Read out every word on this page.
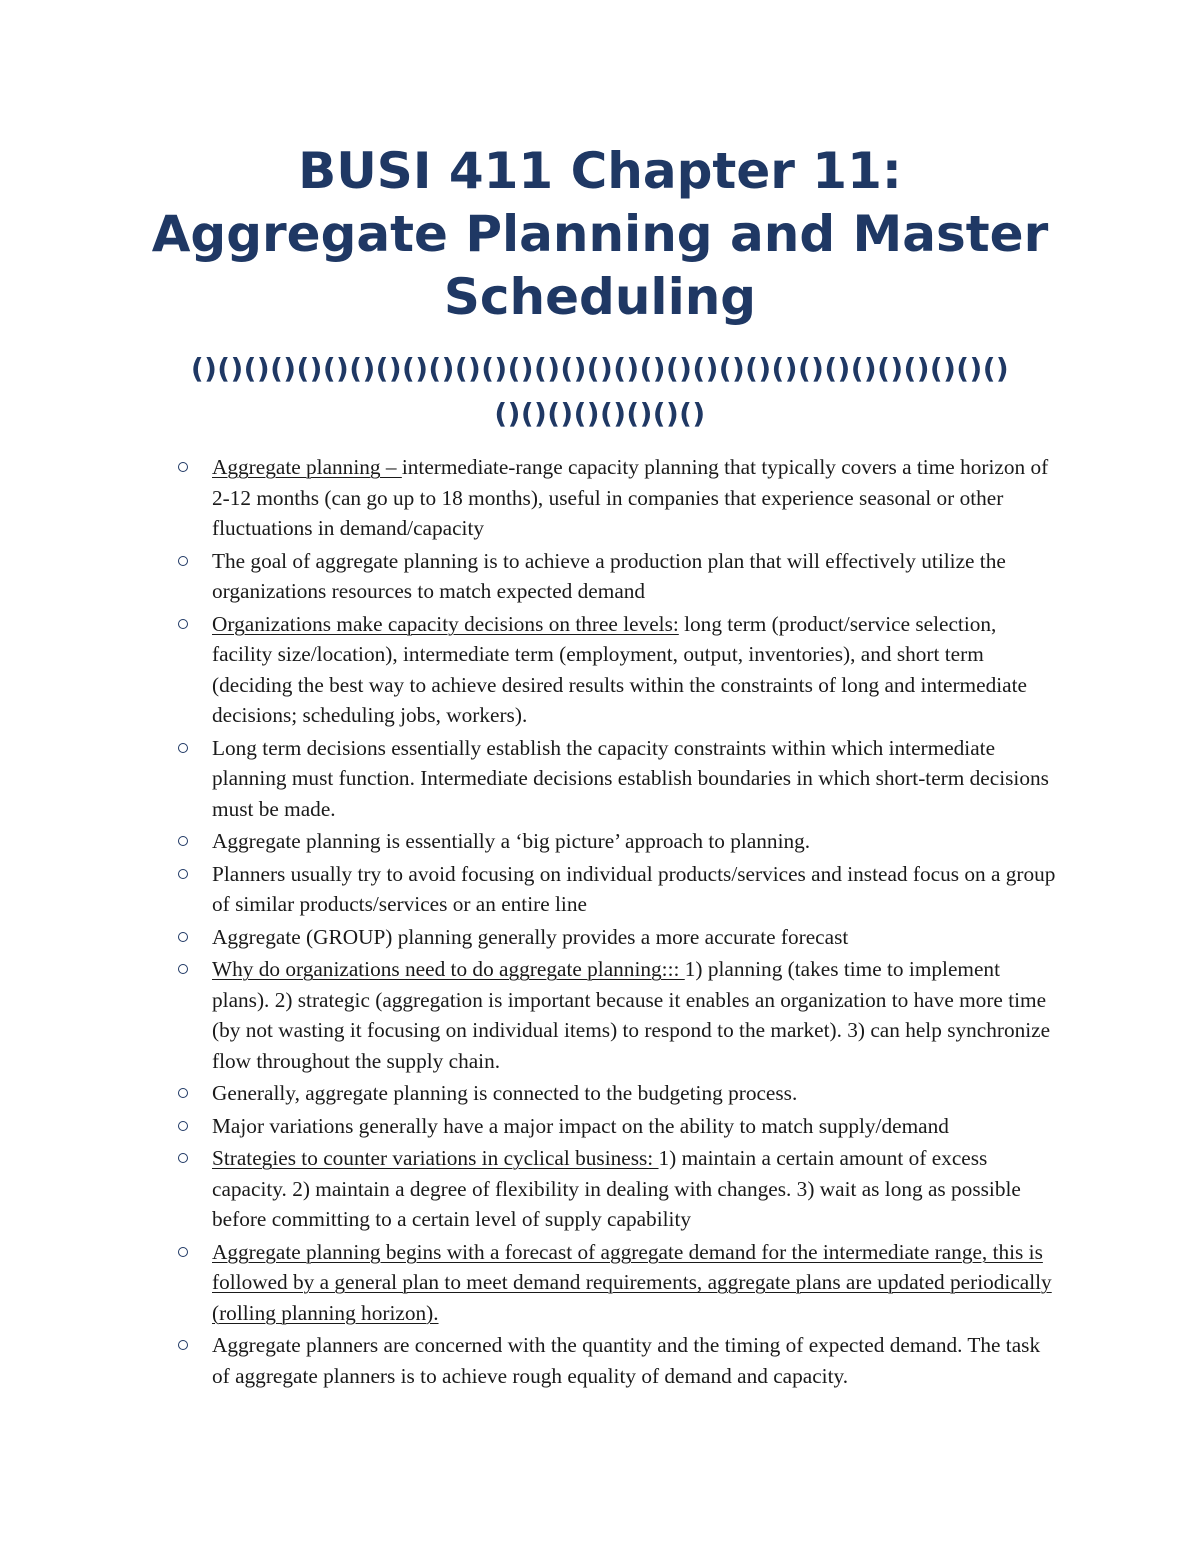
BUSI 411 Chapter 11:
Aggregate Planning and Master
Scheduling
()()()()()()()()()()()()()()()()()()()()()()()()()()()()()()()
()()()()()()()()
Aggregate planning – intermediate-range capacity planning that typically covers a time horizon of 2-12 months (can go up to 18 months), useful in companies that experience seasonal or other fluctuations in demand/capacity
The goal of aggregate planning is to achieve a production plan that will effectively utilize the organizations resources to match expected demand
Organizations make capacity decisions on three levels: long term (product/service selection, facility size/location), intermediate term (employment, output, inventories), and short term (deciding the best way to achieve desired results within the constraints of long and intermediate decisions; scheduling jobs, workers).
Long term decisions essentially establish the capacity constraints within which intermediate planning must function. Intermediate decisions establish boundaries in which short-term decisions must be made.
Aggregate planning is essentially a ‘big picture’ approach to planning.
Planners usually try to avoid focusing on individual products/services and instead focus on a group of similar products/services or an entire line
Aggregate (GROUP) planning generally provides a more accurate forecast
Why do organizations need to do aggregate planning::: 1) planning (takes time to implement plans). 2) strategic (aggregation is important because it enables an organization to have more time (by not wasting it focusing on individual items) to respond to the market). 3) can help synchronize flow throughout the supply chain.
Generally, aggregate planning is connected to the budgeting process.
Major variations generally have a major impact on the ability to match supply/demand
Strategies to counter variations in cyclical business: 1) maintain a certain amount of excess capacity. 2) maintain a degree of flexibility in dealing with changes. 3) wait as long as possible before committing to a certain level of supply capability
Aggregate planning begins with a forecast of aggregate demand for the intermediate range, this is followed by a general plan to meet demand requirements, aggregate plans are updated periodically (rolling planning horizon).
Aggregate planners are concerned with the quantity and the timing of expected demand. The task of aggregate planners is to achieve rough equality of demand and capacity.
